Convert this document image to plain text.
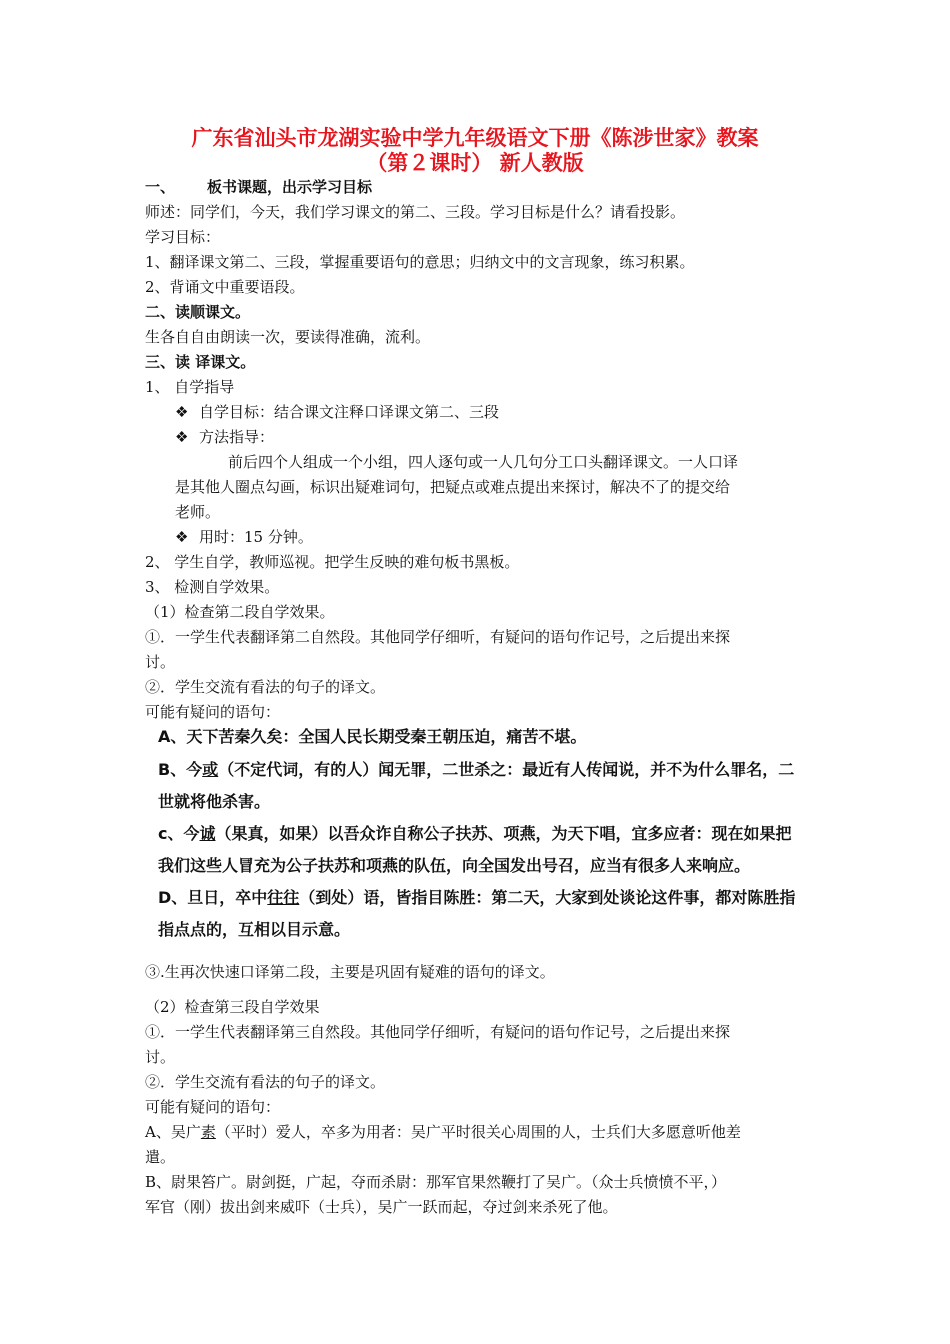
广东省汕头市龙湖实验中学九年级语文下册《陈涉世家》教案

（第２课时） 新人教版

一、 板书课题，出示学习目标

师述：同学们，今天，我们学习课文的第二、三段。学习目标是什么？请看投影。

学习目标：

1、翻译课文第二、三段，掌握重要语句的意思；归纳文中的文言现象，练习积累。

2、背诵文中重要语段。

二、读顺课文。

生各自自由朗读一次，要读得准确，流利。

三、读 译课文。

1、 自学指导

❖ 自学目标：结合课文注释口译课文第二、三段

❖ 方法指导：

前后四个人组成一个小组，四人逐句或一人几句分工口头翻译课文。一人口译

是其他人圈点勾画，标识出疑难词句，把疑点或难点提出来探讨，解决不了的提交给

老师。

❖ 用时：15 分钟。

2、 学生自学，教师巡视。把学生反映的难句板书黑板。

3、 检测自学效果。

（1）检查第二段自学效果。

①．一学生代表翻译第二自然段。其他同学仔细听，有疑问的语句作记号，之后提出来探

讨。

②．学生交流有看法的句子的译文。

可能有疑问的语句：

A、天下苦秦久矣：全国人民长期受秦王朝压迫，痛苦不堪。

B、今或（不定代词，有的人）闻无罪，二世杀之：最近有人传闻说，并不为什么罪名，二

世就将他杀害。

c、今诚（果真，如果）以吾众诈自称公子扶苏、项燕，为天下唱，宜多应者：现在如果把

我们这些人冒充为公子扶苏和项燕的队伍，向全国发出号召，应当有很多人来响应。

D、旦日，卒中往往（到处）语，皆指目陈胜：第二天，大家到处谈论这件事，都对陈胜指

指点点的，互相以目示意。

③.生再次快速口译第二段，主要是巩固有疑难的语句的译文。

（2）检查第三段自学效果

①．一学生代表翻译第三自然段。其他同学仔细听，有疑问的语句作记号，之后提出来探

讨。

②．学生交流有看法的句子的译文。

可能有疑问的语句：

A、吴广素（平时）爱人，卒多为用者：吴广平时很关心周围的人，士兵们大多愿意听他差

遣。

B、尉果笞广。尉剑挺，广起，夺而杀尉：那军官果然鞭打了吴广。（众士兵愤愤不平，）

军官（刚）拔出剑来威吓（士兵），吴广一跃而起，夺过剑来杀死了他。
